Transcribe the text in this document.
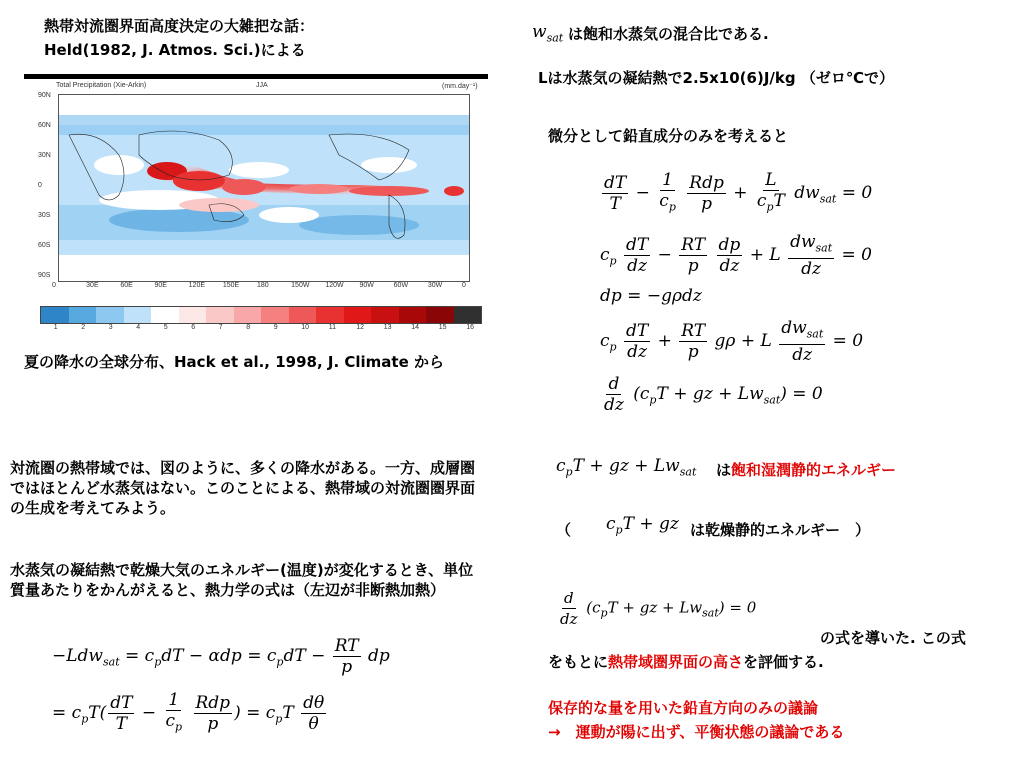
熱帯対流圏界面高度決定の大雑把な話：
Held(1982, J. Atmos. Sci.)による
Total Precipitation (Xie-Arkin)	JJA	(mm.day⁻¹)
90N
60N
30N
0
30S
60S
90S
0	30E	60E	90E	120E	150E	180	150W 120W 90W	60W	30W	0
1	2	3	4	5	6	7	8	9	10	11	12	13	14	15	16
夏の降水の全球分布、Hack et al., 1998, J. Climate から
対流圏の熱帯域では、図のように、多くの降水がある。一方、成層圏ではほとんど水蒸気はない。このことによる、熱帯域の対流圏圏界面の生成を考えてみよう。
水蒸気の凝結熱で乾燥大気のエネルギー(温度)が変化するとき、単位質量あたりをかんがえると、熱力学の式は（左辺が非断熱加熱）
$-Ldw_{sat} = c_pdT - \alpha dp = c_pdT - \frac{RT}{p}$ dp
= $c_pT( \frac{dT}{T} - \frac{1}{c_p}$
$\frac{\text{Rdp}}{p}$ ) = $c_pT \frac{d\theta}{\theta}$
$w_{sat}$ は飽和水蒸気の混合比である.
Lは水蒸気の凝結熱で2.5x10(6)J/kg （ゼロ℃で）
微分として鉛直成分のみを考えると
$\frac{dT}{T} - \frac{1}{c_p}$
$\frac{\text{Rdp}}{p} + \frac{L}{c_pT} dw_{sat} = 0$
$c_p \frac{dT}{dz} - \frac{RT}{p}$
$\frac{dp}{dz} + L \frac{dw_{sat}}{dz} = 0$
dp = −gρdz
$c_p \frac{dT}{dz} + \frac{RT}{p}$ gρ + L $\frac{dw_{sat}}{dz} = 0$
$\frac{d}{dz} (c_pT$ + gz + $Lw_{sat}) = 0$
$c_pT$ + gz + $Lw_{sat}$ は飽和湿潤静的エネルギー
（ $c_pT$ + gz は乾燥静的エネルギー　）
$\frac{d}{dz} (c_pT$ + gz + $Lw_{sat}) = 0$
の式を導いた. この式
をもとに熱帯域圏界面の高さを評価する.
保存的な量を用いた鉛直方向のみの議論
→　運動が陽に出ず、平衡状態の議論である
